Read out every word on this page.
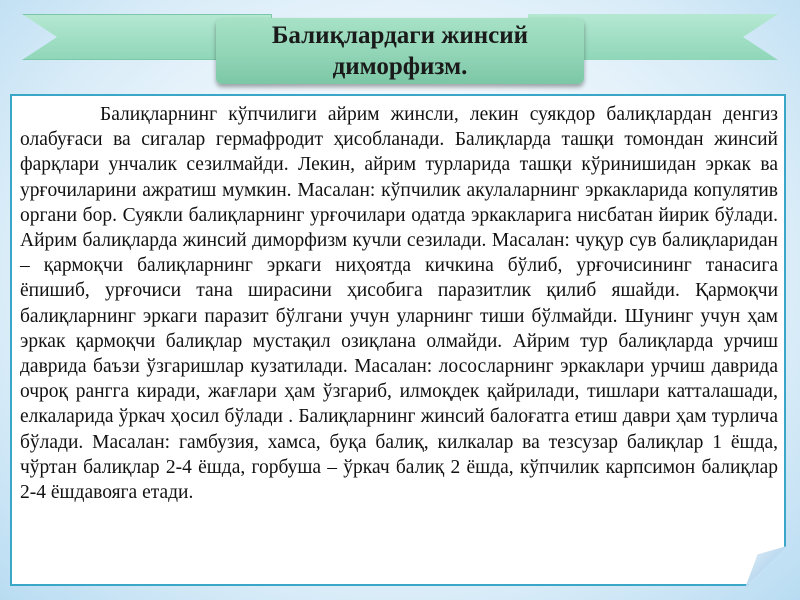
Балиқлардаги жинсий диморфизм.

Балиқларнинг кўпчилиги айрим жинсли, лекин суякдор балиқлардан денгиз олабуғаси ва сигалар гермафродит ҳисобланади. Балиқларда ташқи томондан жинсий фарқлари унчалик сезилмайди. Лекин, айрим турларида ташқи кўринишидан эркак ва урғочиларини ажратиш мумкин. Масалан: кўпчилик акулаларнинг эркакларида копулятив органи бор. Суякли балиқларнинг урғочилари одатда эркакларига нисбатан йирик бўлади. Айрим балиқларда жинсий диморфизм кучли сезилади. Масалан: чуқур сув балиқларидан – қармоқчи балиқларнинг эркаги ниҳоятда кичкина бўлиб, урғочисининг танасига ёпишиб, урғочиси тана ширасини ҳисобига паразитлик қилиб яшайди. Қармоқчи балиқларнинг эркаги паразит бўлгани учун уларнинг тиши бўлмайди. Шунинг учун ҳам эркак қармоқчи балиқлар мустақил озиқлана олмайди. Айрим тур балиқларда урчиш даврида баъзи ўзгаришлар кузатилади. Масалан: лососларнинг эркаклари урчиш даврида очроқ рангга киради, жағлари ҳам ўзгариб, илмоқдек қайрилади, тишлари катталашади, елкаларида ўркач ҳосил бўлади . Балиқларнинг жинсий балоғатга етиш даври ҳам турлича бўлади. Масалан: гамбузия, хамса, буқа балиқ, килкалар ва тезсузар балиқлар 1 ёшда, чўртан балиқлар 2-4 ёшда, горбуша – ўркач балиқ 2 ёшда, кўпчилик карпсимон балиқлар 2-4 ёшдавояга етади.
